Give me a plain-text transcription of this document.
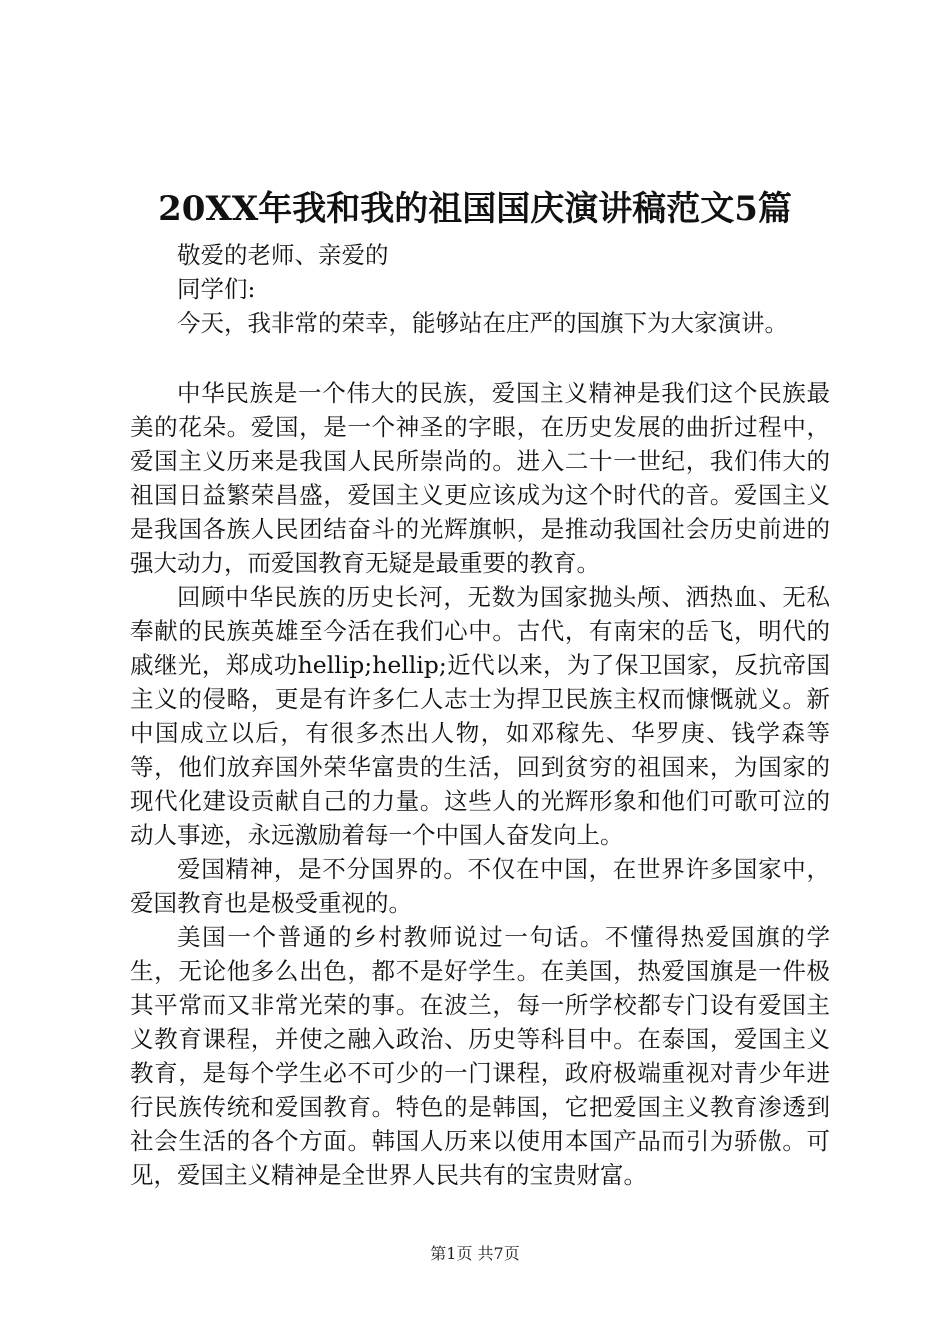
20XX年我和我的祖国国庆演讲稿范文5篇
敬爱的老师、亲爱的
同学们:
今天，我非常的荣幸，能够站在庄严的国旗下为大家演讲。

中华民族是一个伟大的民族，爱国主义精神是我们这个民族最美的花朵。爱国，是一个神圣的字眼，在历史发展的曲折过程中，爱国主义历来是我国人民所崇尚的。进入二十一世纪，我们伟大的祖国日益繁荣昌盛，爱国主义更应该成为这个时代的音。爱国主义是我国各族人民团结奋斗的光辉旗帜，是推动我国社会历史前进的强大动力，而爱国教育无疑是最重要的教育。

回顾中华民族的历史长河，无数为国家抛头颅、洒热血、无私奉献的民族英雄至今活在我们心中。古代，有南宋的岳飞，明代的戚继光，郑成功hellip;hellip;近代以来，为了保卫国家，反抗帝国主义的侵略，更是有许多仁人志士为捍卫民族主权而慷慨就义。新中国成立以后，有很多杰出人物，如邓稼先、华罗庚、钱学森等等，他们放弃国外荣华富贵的生活，回到贫穷的祖国来，为国家的现代化建设贡献自己的力量。这些人的光辉形象和他们可歌可泣的动人事迹，永远激励着每一个中国人奋发向上。

爱国精神，是不分国界的。不仅在中国，在世界许多国家中，爱国教育也是极受重视的。

美国一个普通的乡村教师说过一句话。不懂得热爱国旗的学生，无论他多么出色，都不是好学生。在美国，热爱国旗是一件极其平常而又非常光荣的事。在波兰，每一所学校都专门设有爱国主义教育课程，并使之融入政治、历史等科目中。在泰国，爱国主义教育，是每个学生必不可少的一门课程，政府极端重视对青少年进行民族传统和爱国教育。特色的是韩国，它把爱国主义教育渗透到社会生活的各个方面。韩国人历来以使用本国产品而引为骄傲。可见，爱国主义精神是全世界人民共有的宝贵财富。

第1页 共7页
